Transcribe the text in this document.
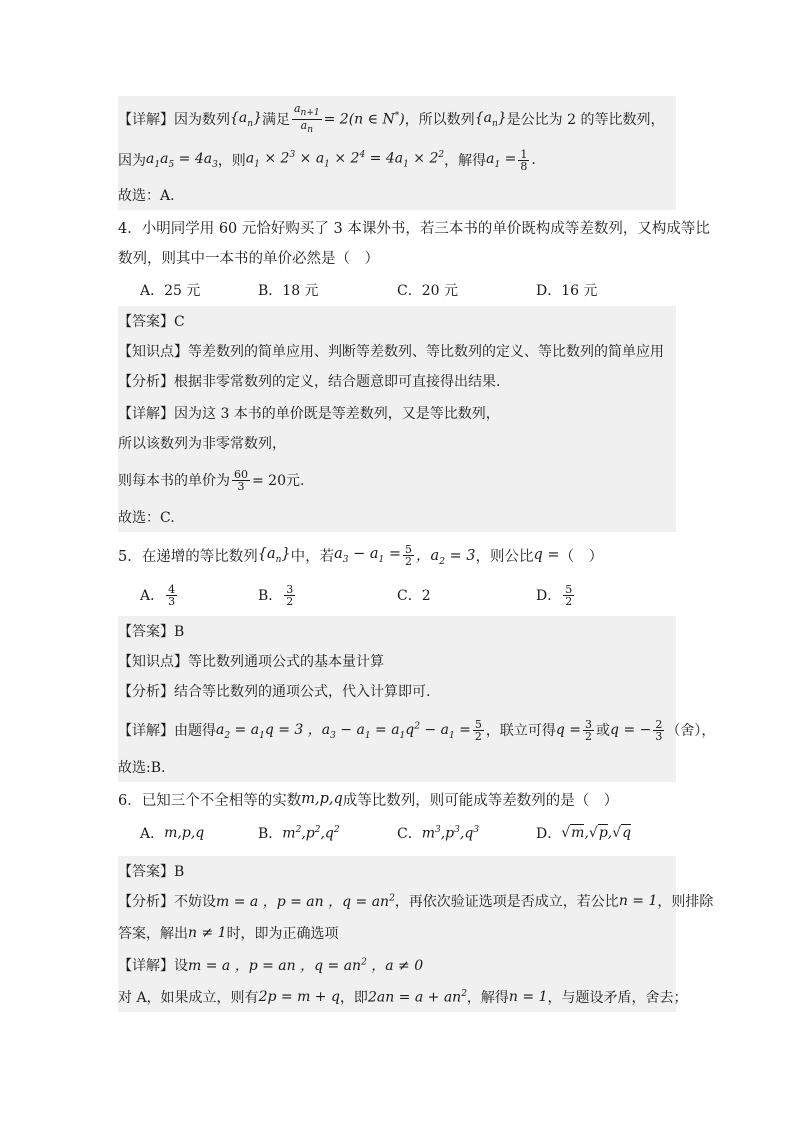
【详解】 因为数列 $\{a_n\}$ 满足 $\frac{a_{n+1}}{a_n} = 2(n$ ∈ N*) ，所以数列 $\{a_n\}$ 是公比为 2 的等比数列，
因为 $a_1a_5 = 4a_3$ ，则 $a_1 \times 2^3 \times a_1 \times 2^4 = 4a_1 \times 2^2$ ，解得 $a_1 = \frac{1}{8}$ .
故选：A.
4．小明同学用 60 元恰好购买了 3 本课外书，若三本书的单价既构成等差数列，又构成等比
数列，则其中一本书的单价必然是（　）
A．25 元	B．18 元	C．20 元	D．16 元
【答案】C
【知识点】等差数列的简单应用、判断等差数列、等比数列的定义、等比数列的简单应用
【分析】根据非零常数列的定义，结合题意即可直接得出结果.
【详解】因为这 3 本书的单价既是等差数列，又是等比数列，
所以该数列为非零常数列，
则每本书的单价为 $\frac{60}{3} = 20$元.
故选：C.
5．在递增的等比数列 $\{a_n\}$ 中，若 $a_3 - a_1 = \frac{5}{2}$ ，$a_2 = 3$ ，则公比 q = （　）
A． $\frac{4}{3}$	B． $\frac{3}{2}$	C．2	D． $\frac{5}{2}$
【答案】B
【知识点】等比数列通项公式的基本量计算
【分析】结合等比数列的通项公式，代入计算即可.
【详解】由题得 $a_2 = a_1q = 3$ ，$a_3 - a_1 = a_1q^2 - a_1 = \frac{5}{2}$ ，联立可得 $q = \frac{3}{2}$ 或 q = − $\frac{2}{3}$ （舍），
故选:B.
6．已知三个不全相等的实数 m,p,q 成等比数列，则可能成等差数列的是（　）
A． m,p,q	B． $m^2,p^2,q^2$	C． $m^3,p^3,q^3$	D． √m,√p,√q
【答案】B
【分析】不妨设 m = a ，p = an ，$q = an^2$ ，再依次验证选项是否成立，若公比 n = 1 ，则排除
答案，解出 n ≠ 1 时，即为正确选项
【详解】设 m = a ，p = an ，$q = an^2$ ，a ≠ 0
对 A，如果成立，则有 2p = m + q ，即 $2an = a + an^2$ ，解得 n = 1 ，与题设矛盾，舍去；
